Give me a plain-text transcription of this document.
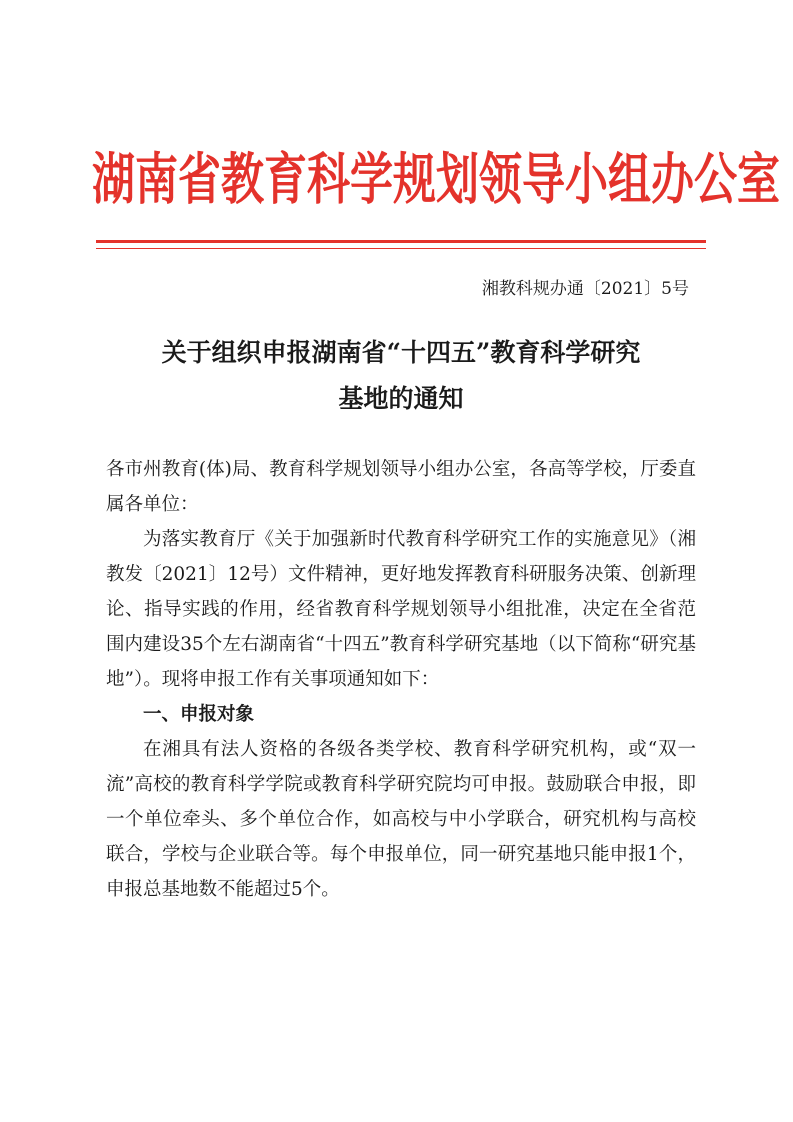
湖南省教育科学规划领导小组办公室
湘教科规办通〔2021〕5号
关于组织申报湖南省“十四五”教育科学研究
基地的通知

各市州教育(体)局、教育科学规划领导小组办公室，各高等学校，厅委直属各单位：

为落实教育厅《关于加强新时代教育科学研究工作的实施意见》（湘教发〔2021〕12号）文件精神，更好地发挥教育科研服务决策、创新理论、指导实践的作用，经省教育科学规划领导小组批准，决定在全省范围内建设35个左右湖南省“十四五”教育科学研究基地（以下简称“研究基地”）。现将申报工作有关事项通知如下：

一、申报对象

在湘具有法人资格的各级各类学校、教育科学研究机构，或“双一流”高校的教育科学学院或教育科学研究院均可申报。鼓励联合申报，即一个单位牵头、多个单位合作，如高校与中小学联合，研究机构与高校联合，学校与企业联合等。每个申报单位，同一研究基地只能申报1个，申报总基地数不能超过5个。
